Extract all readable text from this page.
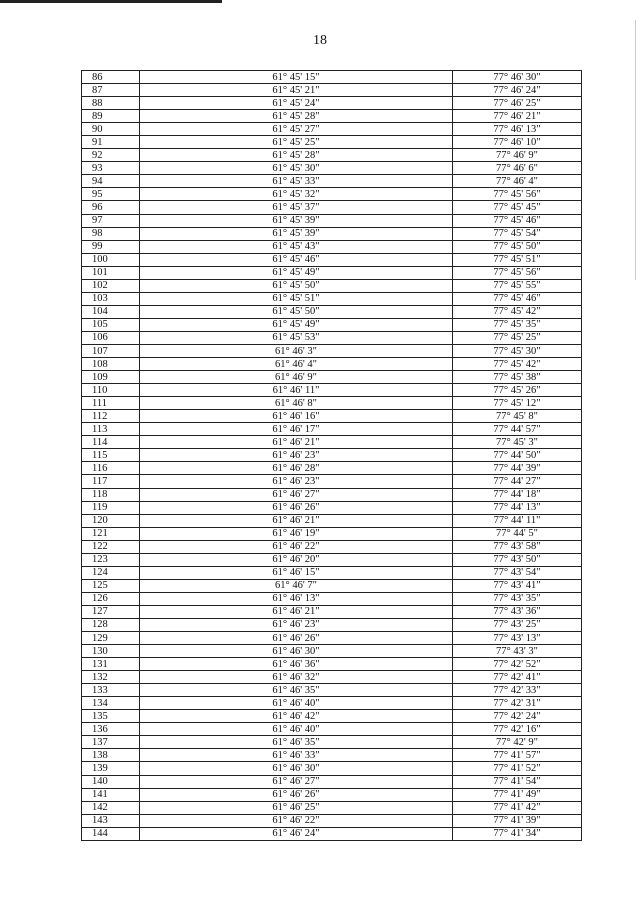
18
86	61° 45' 15"	77° 46' 30"
87	61° 45' 21"	77° 46' 24"
88	61° 45' 24"	77° 46' 25"
89	61° 45' 28"	77° 46' 21"
90	61° 45' 27"	77° 46' 13"
91	61° 45' 25"	77° 46' 10"
92	61° 45' 28"	77° 46' 9"
93	61° 45' 30"	77° 46' 6"
94	61° 45' 33"	77° 46' 4"
95	61° 45' 32"	77° 45' 56"
96	61° 45' 37"	77° 45' 45"
97	61° 45' 39"	77° 45' 46"
98	61° 45' 39"	77° 45' 54"
99	61° 45' 43"	77° 45' 50"
100	61° 45' 46"	77° 45' 51"
101	61° 45' 49"	77° 45' 56"
102	61° 45' 50"	77° 45' 55"
103	61° 45' 51"	77° 45' 46"
104	61° 45' 50"	77° 45' 42"
105	61° 45' 49"	77° 45' 35"
106	61° 45' 53"	77° 45' 25"
107	61° 46' 3"	77° 45' 30"
108	61° 46' 4"	77° 45' 42"
109	61° 46' 9"	77° 45' 38"
110	61° 46' 11"	77° 45' 26"
111	61° 46' 8"	77° 45' 12"
112	61° 46' 16"	77° 45' 8"
113	61° 46' 17"	77° 44' 57"
114	61° 46' 21"	77° 45' 3"
115	61° 46' 23"	77° 44' 50"
116	61° 46' 28"	77° 44' 39"
117	61° 46' 23"	77° 44' 27"
118	61° 46' 27"	77° 44' 18"
119	61° 46' 26"	77° 44' 13"
120	61° 46' 21"	77° 44' 11"
121	61° 46' 19"	77° 44' 5"
122	61° 46' 22"	77° 43' 58"
123	61° 46' 20"	77° 43' 50"
124	61° 46' 15"	77° 43' 54"
125	61° 46' 7"	77° 43' 41"
126	61° 46' 13"	77° 43' 35"
127	61° 46' 21"	77° 43' 36"
128	61° 46' 23"	77° 43' 25"
129	61° 46' 26"	77° 43' 13"
130	61° 46' 30"	77° 43' 3"
131	61° 46' 36"	77° 42' 52"
132	61° 46' 32"	77° 42' 41"
133	61° 46' 35"	77° 42' 33"
134	61° 46' 40"	77° 42' 31"
135	61° 46' 42"	77° 42' 24"
136	61° 46' 40"	77° 42' 16"
137	61° 46' 35"	77° 42' 9"
138	61° 46' 33"	77° 41' 57"
139	61° 46' 30"	77° 41' 52"
140	61° 46' 27"	77° 41' 54"
141	61° 46' 26"	77° 41' 49"
142	61° 46' 25"	77° 41' 42"
143	61° 46' 22"	77° 41' 39"
144	61° 46' 24"	77° 41' 34"
